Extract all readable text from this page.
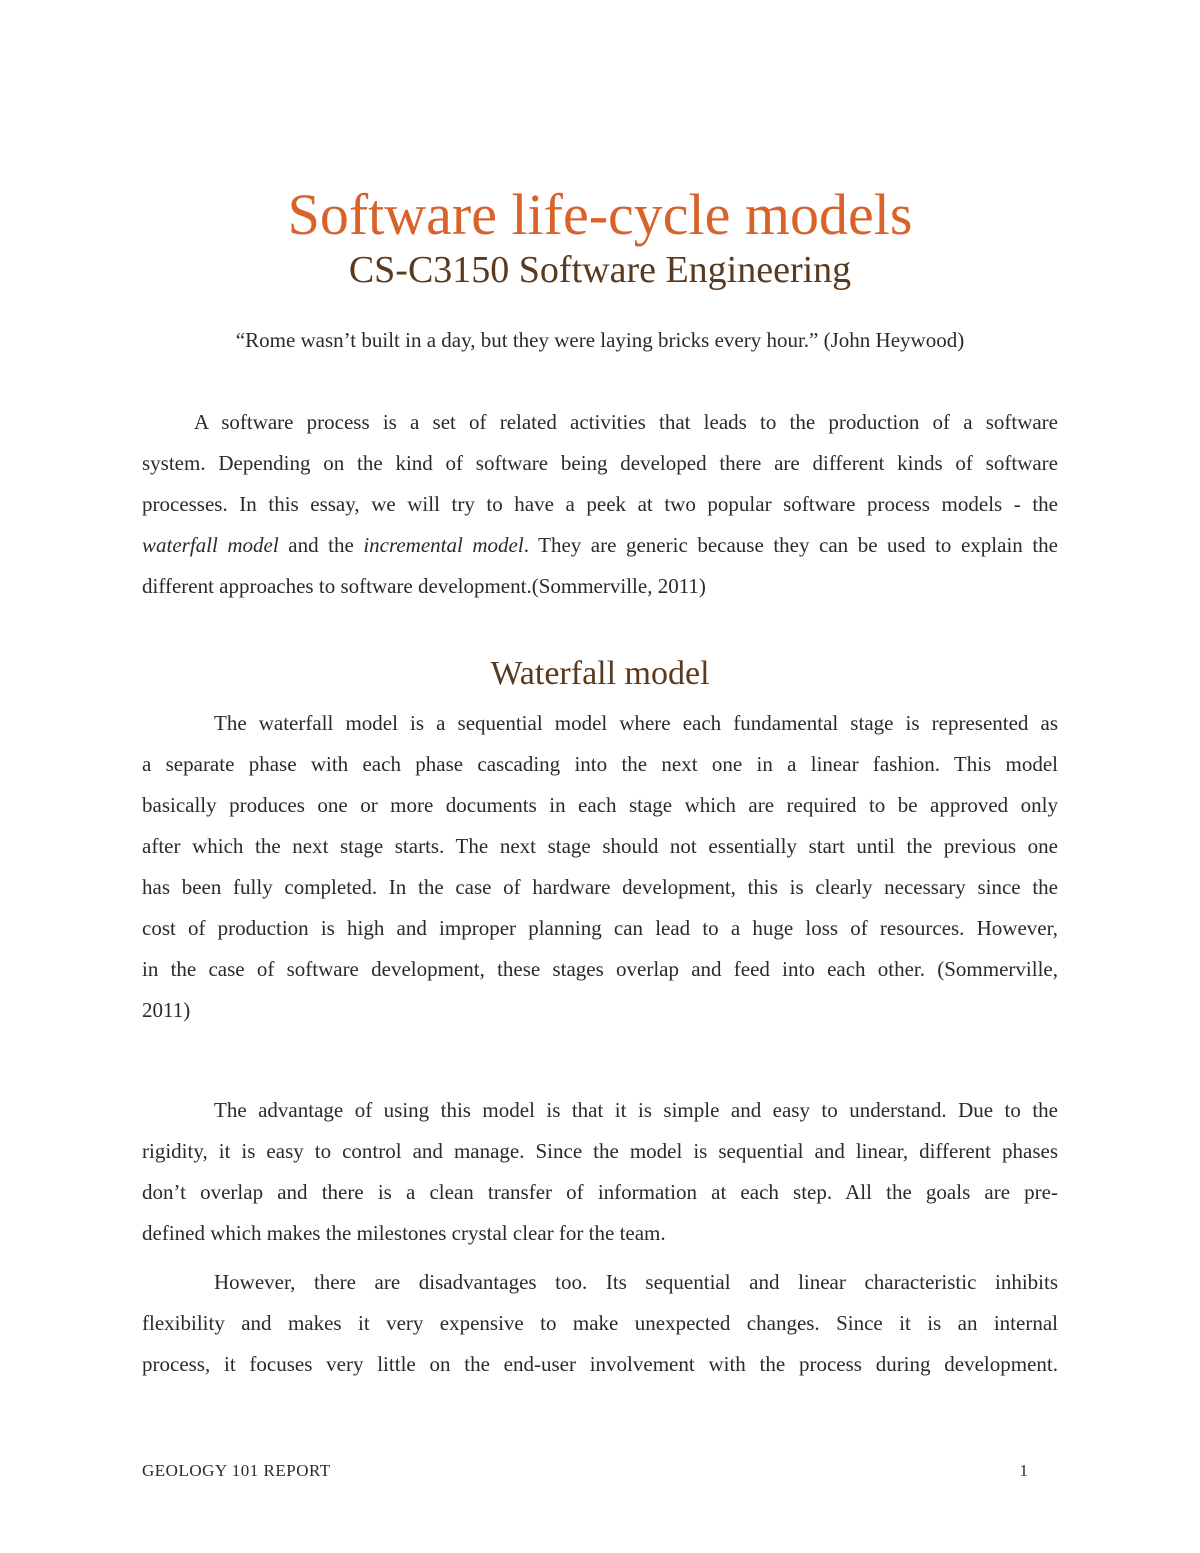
Software life-cycle models
CS-C3150 Software Engineering
“Rome wasn’t built in a day, but they were laying bricks every hour.” (John Heywood)
A software process is a set of related activities that leads to the production of a software
system. Depending on the kind of software being developed there are different kinds of software
processes. In this essay, we will try to have a peek at two popular software process models - the
waterfall model and the incremental model. They are generic because they can be used to explain the
different approaches to software development.(Sommerville, 2011)
Waterfall model
The waterfall model is a sequential model where each fundamental stage is represented as
a separate phase with each phase cascading into the next one in a linear fashion. This model
basically produces one or more documents in each stage which are required to be approved only
after which the next stage starts. The next stage should not essentially start until the previous one
has been fully completed. In the case of hardware development, this is clearly necessary since the
cost of production is high and improper planning can lead to a huge loss of resources. However,
in the case of software development, these stages overlap and feed into each other. (Sommerville,
2011)
The advantage of using this model is that it is simple and easy to understand. Due to the
rigidity, it is easy to control and manage. Since the model is sequential and linear, different phases
don’t overlap and there is a clean transfer of information at each step. All the goals are pre-
defined which makes the milestones crystal clear for the team.
However, there are disadvantages too. Its sequential and linear characteristic inhibits
flexibility and makes it very expensive to make unexpected changes. Since it is an internal
process, it focuses very little on the end-user involvement with the process during development.
GEOLOGY 101 REPORT	1
